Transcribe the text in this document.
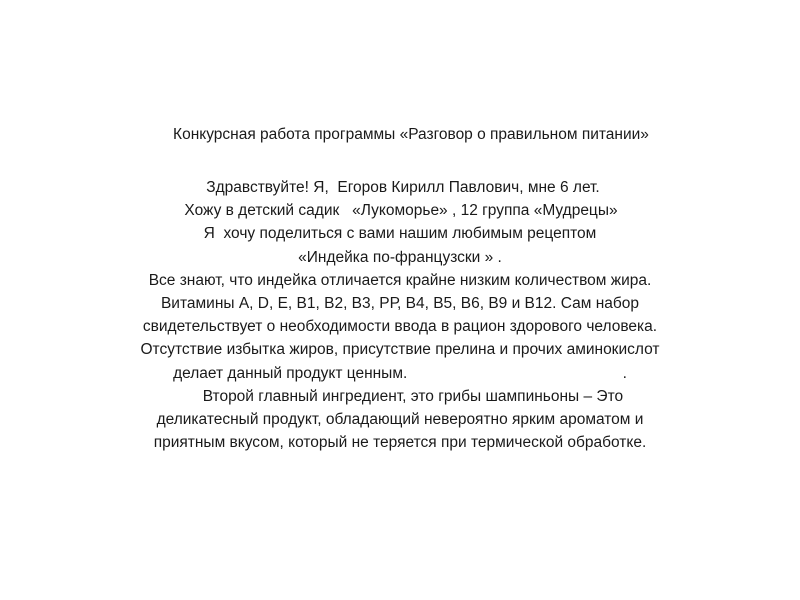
Конкурсная работа программы «Разговор о правильном питании»
Здравствуйте! Я,  Егоров Кирилл Павлович, мне 6 лет.
Хожу в детский садик   «Лукоморье» , 12 группа «Мудрецы»
Я  хочу поделиться с вами нашим любимым рецептом
«Индейка по-французски » .
Все знают, что индейка отличается крайне низким количеством жира.
Витамины А, D, Е, В1, В2, В3, РР, В4, В5, В6, В9 и В12. Сам набор
свидетельствует о необходимости ввода в рацион здорового человека.
Отсутствие избытка жиров, присутствие прелина и прочих аминокислот
делает данный продукт ценным.                                                  .
Второй главный ингредиент, это грибы шампиньоны – Это
деликатесный продукт, обладающий невероятно ярким ароматом и
приятным вкусом, который не теряется при термической обработке.
